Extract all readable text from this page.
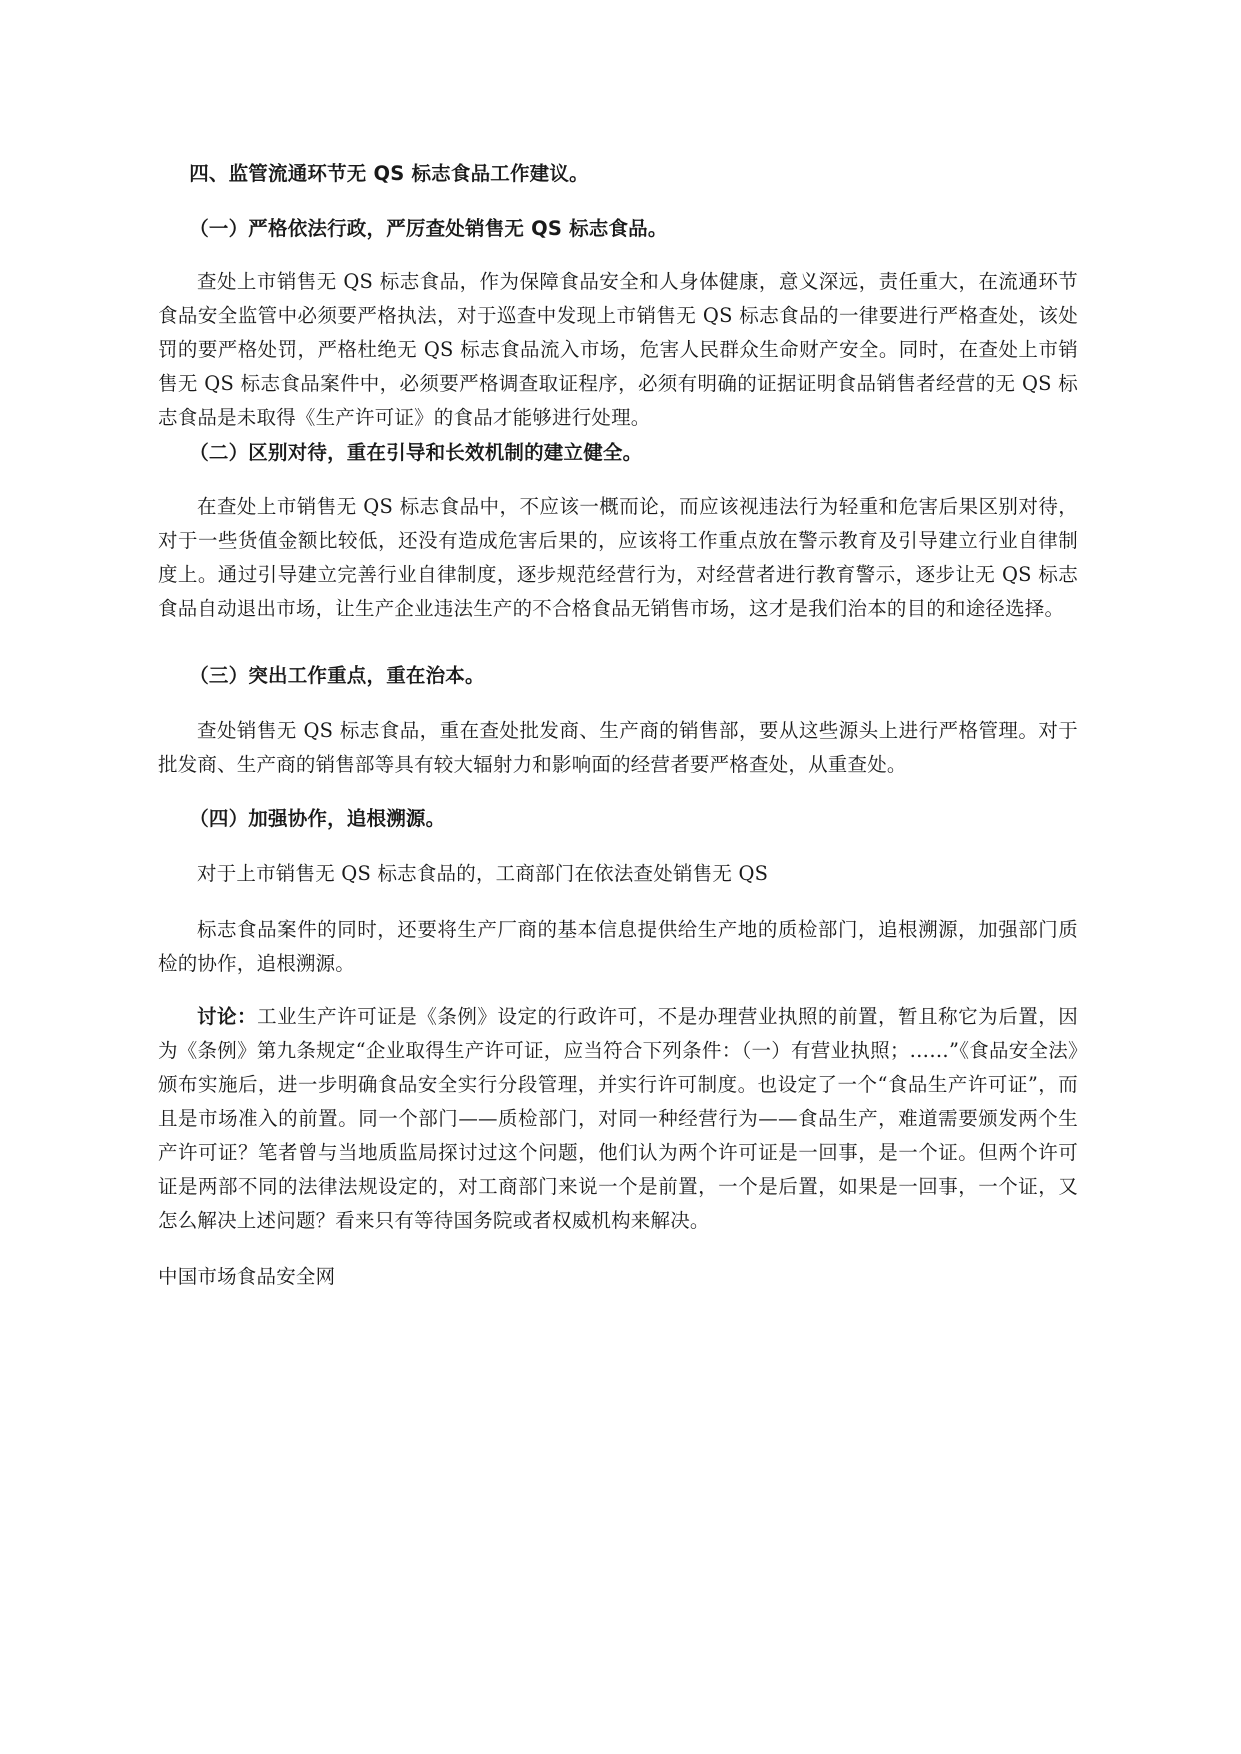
四、监管流通环节无 QS 标志食品工作建议。
（一）严格依法行政，严厉查处销售无 QS 标志食品。
查处上市销售无 QS 标志食品，作为保障食品安全和人身体健康，意义深远，责任重大，在流通环节食品安全监管中必须要严格执法，对于巡查中发现上市销售无 QS 标志食品的一律要进行严格查处，该处罚的要严格处罚，严格杜绝无 QS 标志食品流入市场，危害人民群众生命财产安全。同时，在查处上市销售无 QS 标志食品案件中，必须要严格调查取证程序，必须有明确的证据证明食品销售者经营的无 QS 标志食品是未取得《生产许可证》的食品才能够进行处理。
（二）区别对待，重在引导和长效机制的建立健全。
在查处上市销售无 QS 标志食品中，不应该一概而论，而应该视违法行为轻重和危害后果区别对待，对于一些货值金额比较低，还没有造成危害后果的，应该将工作重点放在警示教育及引导建立行业自律制度上。通过引导建立完善行业自律制度，逐步规范经营行为，对经营者进行教育警示，逐步让无 QS 标志食品自动退出市场，让生产企业违法生产的不合格食品无销售市场，这才是我们治本的目的和途径选择。
（三）突出工作重点，重在治本。
查处销售无 QS 标志食品，重在查处批发商、生产商的销售部，要从这些源头上进行严格管理。对于批发商、生产商的销售部等具有较大辐射力和影响面的经营者要严格查处，从重查处。
（四）加强协作，追根溯源。
对于上市销售无 QS 标志食品的，工商部门在依法查处销售无 QS
标志食品案件的同时，还要将生产厂商的基本信息提供给生产地的质检部门，追根溯源，加强部门质检的协作，追根溯源。
讨论：工业生产许可证是《条例》设定的行政许可，不是办理营业执照的前置，暂且称它为后置，因为《条例》第九条规定“企业取得生产许可证，应当符合下列条件：（一）有营业执照；……”《食品安全法》颁布实施后，进一步明确食品安全实行分段管理，并实行许可制度。也设定了一个“食品生产许可证”，而且是市场准入的前置。同一个部门——质检部门，对同一种经营行为——食品生产，难道需要颁发两个生产许可证？笔者曾与当地质监局探讨过这个问题，他们认为两个许可证是一回事，是一个证。但两个许可证是两部不同的法律法规设定的，对工商部门来说一个是前置，一个是后置，如果是一回事，一个证，又怎么解决上述问题？看来只有等待国务院或者权威机构来解决。
中国市场食品安全网
